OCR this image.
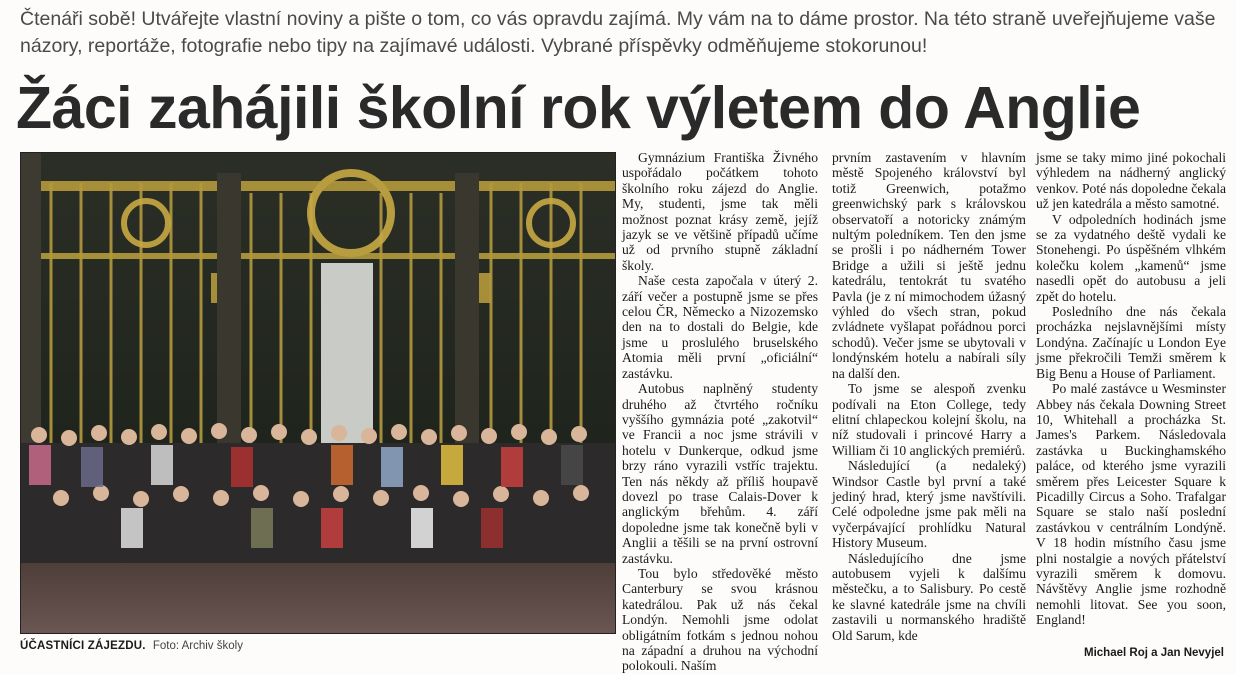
Čtenáři sobě! Utvářejte vlastní noviny a pište o tom, co vás opravdu zajímá. My vám na to dáme prostor. Na této straně uveřejňujeme vaše názory, reportáže, fotografie nebo tipy na zajímavé události. Vybrané příspěvky odměňujeme stokorunou!
Žáci zahájili školní rok výletem do Anglie
ÚČASTNÍCI ZÁJEZDU. Foto: Archiv školy

Gymnázium Františka Živného uspořádalo počátkem tohoto školního roku zájezd do Anglie. My, studenti, jsme tak měli možnost poznat krásy země, jejíž jazyk se ve většině případů učíme už od prvního stupně základní školy.

Naše cesta započala v úterý 2. září večer a postupně jsme se přes celou ČR, Německo a Nizozemsko den na to dostali do Belgie, kde jsme u proslulého bruselského Atomia měli první „oficiální“ zastávku.

Autobus naplněný studenty druhého až čtvrtého ročníku vyššího gymnázia poté „zakotvil“ ve Francii a noc jsme strávili v hotelu v Dunkerque, odkud jsme brzy ráno vyrazili vstříc trajektu. Ten nás někdy až příliš houpavě dovezl po trase Calais-Dover k anglickým břehům. 4. září dopoledne jsme tak konečně byli v Anglii a těšili se na první ostrovní zastávku.

Tou bylo středověké město Canterbury se svou krásnou katedrálou. Pak už nás čekal Londýn. Nemohli jsme odolat obligátním fotkám s jednou nohou na západní a druhou na východní polokouli. Naším

prvním zastavením v hlavním městě Spojeného království byl totiž Greenwich, potažmo greenwichský park s královskou observatoří a notoricky známým nultým poledníkem. Ten den jsme se prošli i po nádherném Tower Bridge a užili si ještě jednu katedrálu, tentokrát tu svatého Pavla (je z ní mimochodem úžasný výhled do všech stran, pokud zvládnete vyšlapat pořádnou porci schodů). Večer jsme se ubytovali v londýnském hotelu a nabírali síly na další den.

To jsme se alespoň zvenku podívali na Eton College, tedy elitní chlapeckou kolejní školu, na níž studovali i princové Harry a William či 10 anglických premiérů.

Následující (a nedaleký) Windsor Castle byl první a také jediný hrad, který jsme navštívili. Celé odpoledne jsme pak měli na vyčerpávající prohlídku Natural History Museum.

Následujícího dne jsme autobusem vyjeli k dalšímu městečku, a to Salisbury. Po cestě ke slavné katedrále jsme na chvíli zastavili u normanského hradiště Old Sarum, kde

jsme se taky mimo jiné pokochali výhledem na nádherný anglický venkov. Poté nás dopoledne čekala už jen katedrála a město samotné.

V odpoledních hodinách jsme se za vydatného deště vydali ke Stonehengi. Po úspěšném vlhkém kolečku kolem „kamenů“ jsme nasedli opět do autobusu a jeli zpět do hotelu.

Posledního dne nás čekala procházka nejslavnějšími místy Londýna. Začínajíc u London Eye jsme překročili Temži směrem k Big Benu a House of Parliament.

Po malé zastávce u Wesminster Abbey nás čekala Downing Street 10, Whitehall a procházka St. James's Parkem. Následovala zastávka u Buckinghamského paláce, od kterého jsme vyrazili směrem přes Leicester Square k Picadilly Circus a Soho. Trafalgar Square se stalo naší poslední zastávkou v centrálním Londýně. V 18 hodin místního času jsme plni nostalgie a nových přátelství vyrazili směrem k domovu. Návštěvy Anglie jsme rozhodně nemohli litovat. See you soon, England!

Michael Roj a Jan Nevyjel
